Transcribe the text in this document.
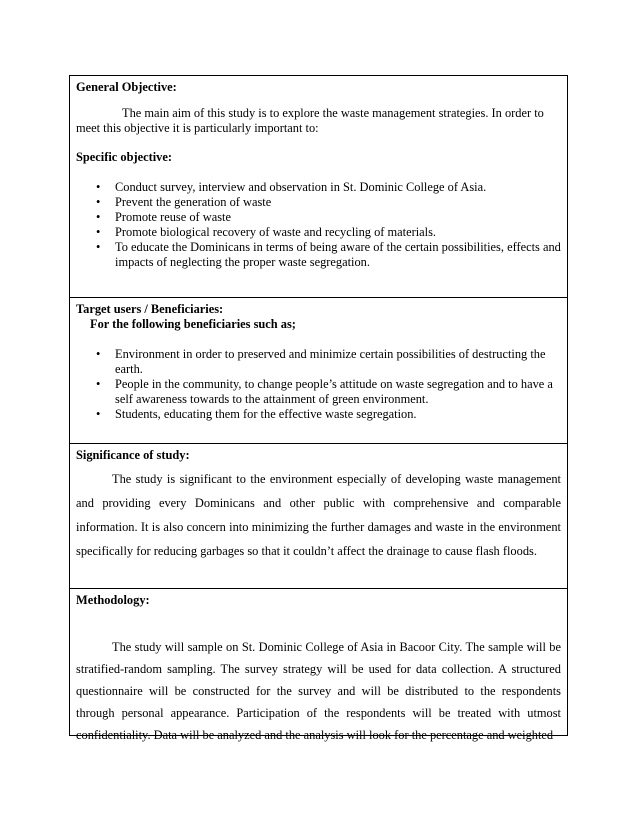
General Objective:

The main aim of this study is to explore the waste management strategies. In order to meet this objective it is particularly important to:

Specific objective:

• Conduct survey, interview and observation in St. Dominic College of Asia.
• Prevent the generation of waste
• Promote reuse of waste
• Promote biological recovery of waste and recycling of materials.
• To educate the Dominicans in terms of being aware of the certain possibilities, effects and impacts of neglecting the proper waste segregation.

Target users / Beneficiaries:

For the following beneficiaries such as;

• Environment in order to preserved and minimize certain possibilities of destructing the earth.
• People in the community, to change people’s attitude on waste segregation and to have a self awareness towards to the attainment of green environment.
• Students, educating them for the effective waste segregation.

Significance of study:

The study is significant to the environment especially of developing waste management and providing every Dominicans and other public with comprehensive and comparable information. It is also concern into minimizing the further damages and waste in the environment specifically for reducing garbages so that it couldn’t affect the drainage to cause flash floods.

Methodology:

The study will sample on St. Dominic College of Asia in Bacoor City. The sample will be stratified-random sampling. The survey strategy will be used for data collection. A structured questionnaire will be constructed for the survey and will be distributed to the respondents through personal appearance. Participation of the respondents will be treated with utmost confidentiality. Data will be analyzed and the analysis will look for the percentage and weighted
